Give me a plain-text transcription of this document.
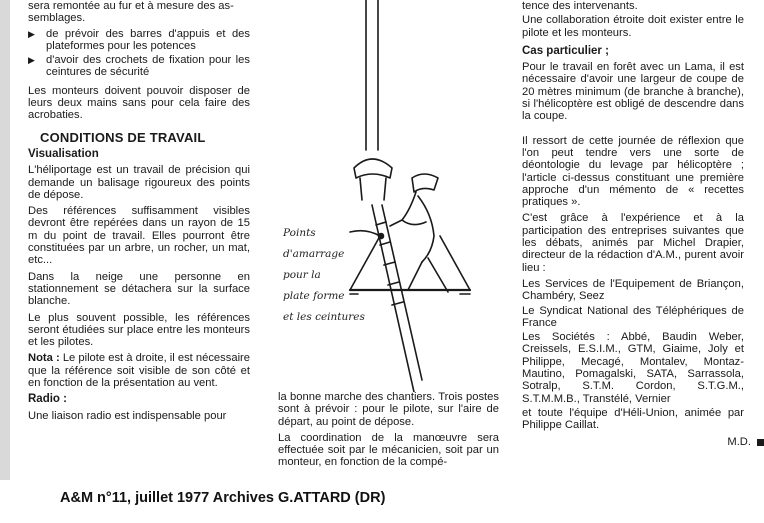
sera remontée au fur et à mesure des as-
semblages.
▶ de prévoir des barres d'appuis et des plateformes pour les potences
▶ d'avoir des crochets de fixation pour les ceintures de sécurité

Les monteurs doivent pouvoir disposer de leurs deux mains sans pour cela faire des acrobaties.

CONDITIONS DE TRAVAIL
Visualisation

L'héliportage est un travail de précision qui demande un balisage rigoureux des points de dépose.

Des références suffisamment visibles devront être repérées dans un rayon de 15 m du point de travail. Elles pourront être constituées par un arbre, un rocher, un mat, etc...

Dans la neige une personne en stationnement se détachera sur la surface blanche.

Le plus souvent possible, les références seront étudiées sur place entre les monteurs et les pilotes.

Nota : Le pilote est à droite, il est nécessaire que la référence soit visible de son côté et en fonction de la présentation au vent.

Radio :

Une liaison radio est indispensable pour

Points
d'amarrage
pour la
plate forme
et les ceintures

la bonne marche des chantiers. Trois postes sont à prévoir : pour le pilote, sur l'aire de départ, au point de dépose.

La coordination de la manœuvre sera effectuée soit par le mécanicien, soit par un monteur, en fonction de la compé-

tence des intervenants.

Une collaboration étroite doit exister entre le pilote et les monteurs.

Cas particulier ;

Pour le travail en forêt avec un Lama, il est nécessaire d'avoir une largeur de coupe de 20 mètres minimum (de branche à branche), si l'hélicoptère est obligé de descendre dans la coupe.

Il ressort de cette journée de réflexion que l'on peut tendre vers une sorte de déontologie du levage par hélicoptère ; l'article ci-dessus constituant une première approche d'un mémento de « recettes pratiques ».

C'est grâce à l'expérience et à la participation des entreprises suivantes que les débats, animés par Michel Drapier, directeur de la rédaction d'A.M., purent avoir lieu :

Les Services de l'Equipement de Briançon, Chambéry, Seez

Le Syndicat National des Téléphériques de France

Les Sociétés : Abbé, Baudin Weber, Creissels, E.S.I.M., GTM, Giaime, Joly et Philippe, Mecagé, Montalev, Montaz-Mautino, Pomagalski, SATA, Sarrassola, Sotralp, S.T.M. Cordon, S.T.G.M., S.T.M.M.B., Transtélé, Vernier

et toute l'équipe d'Héli-Union, animée par Philippe Caillat.

M.D.
A&M n°11, juillet 1977 Archives G.ATTARD (DR)
